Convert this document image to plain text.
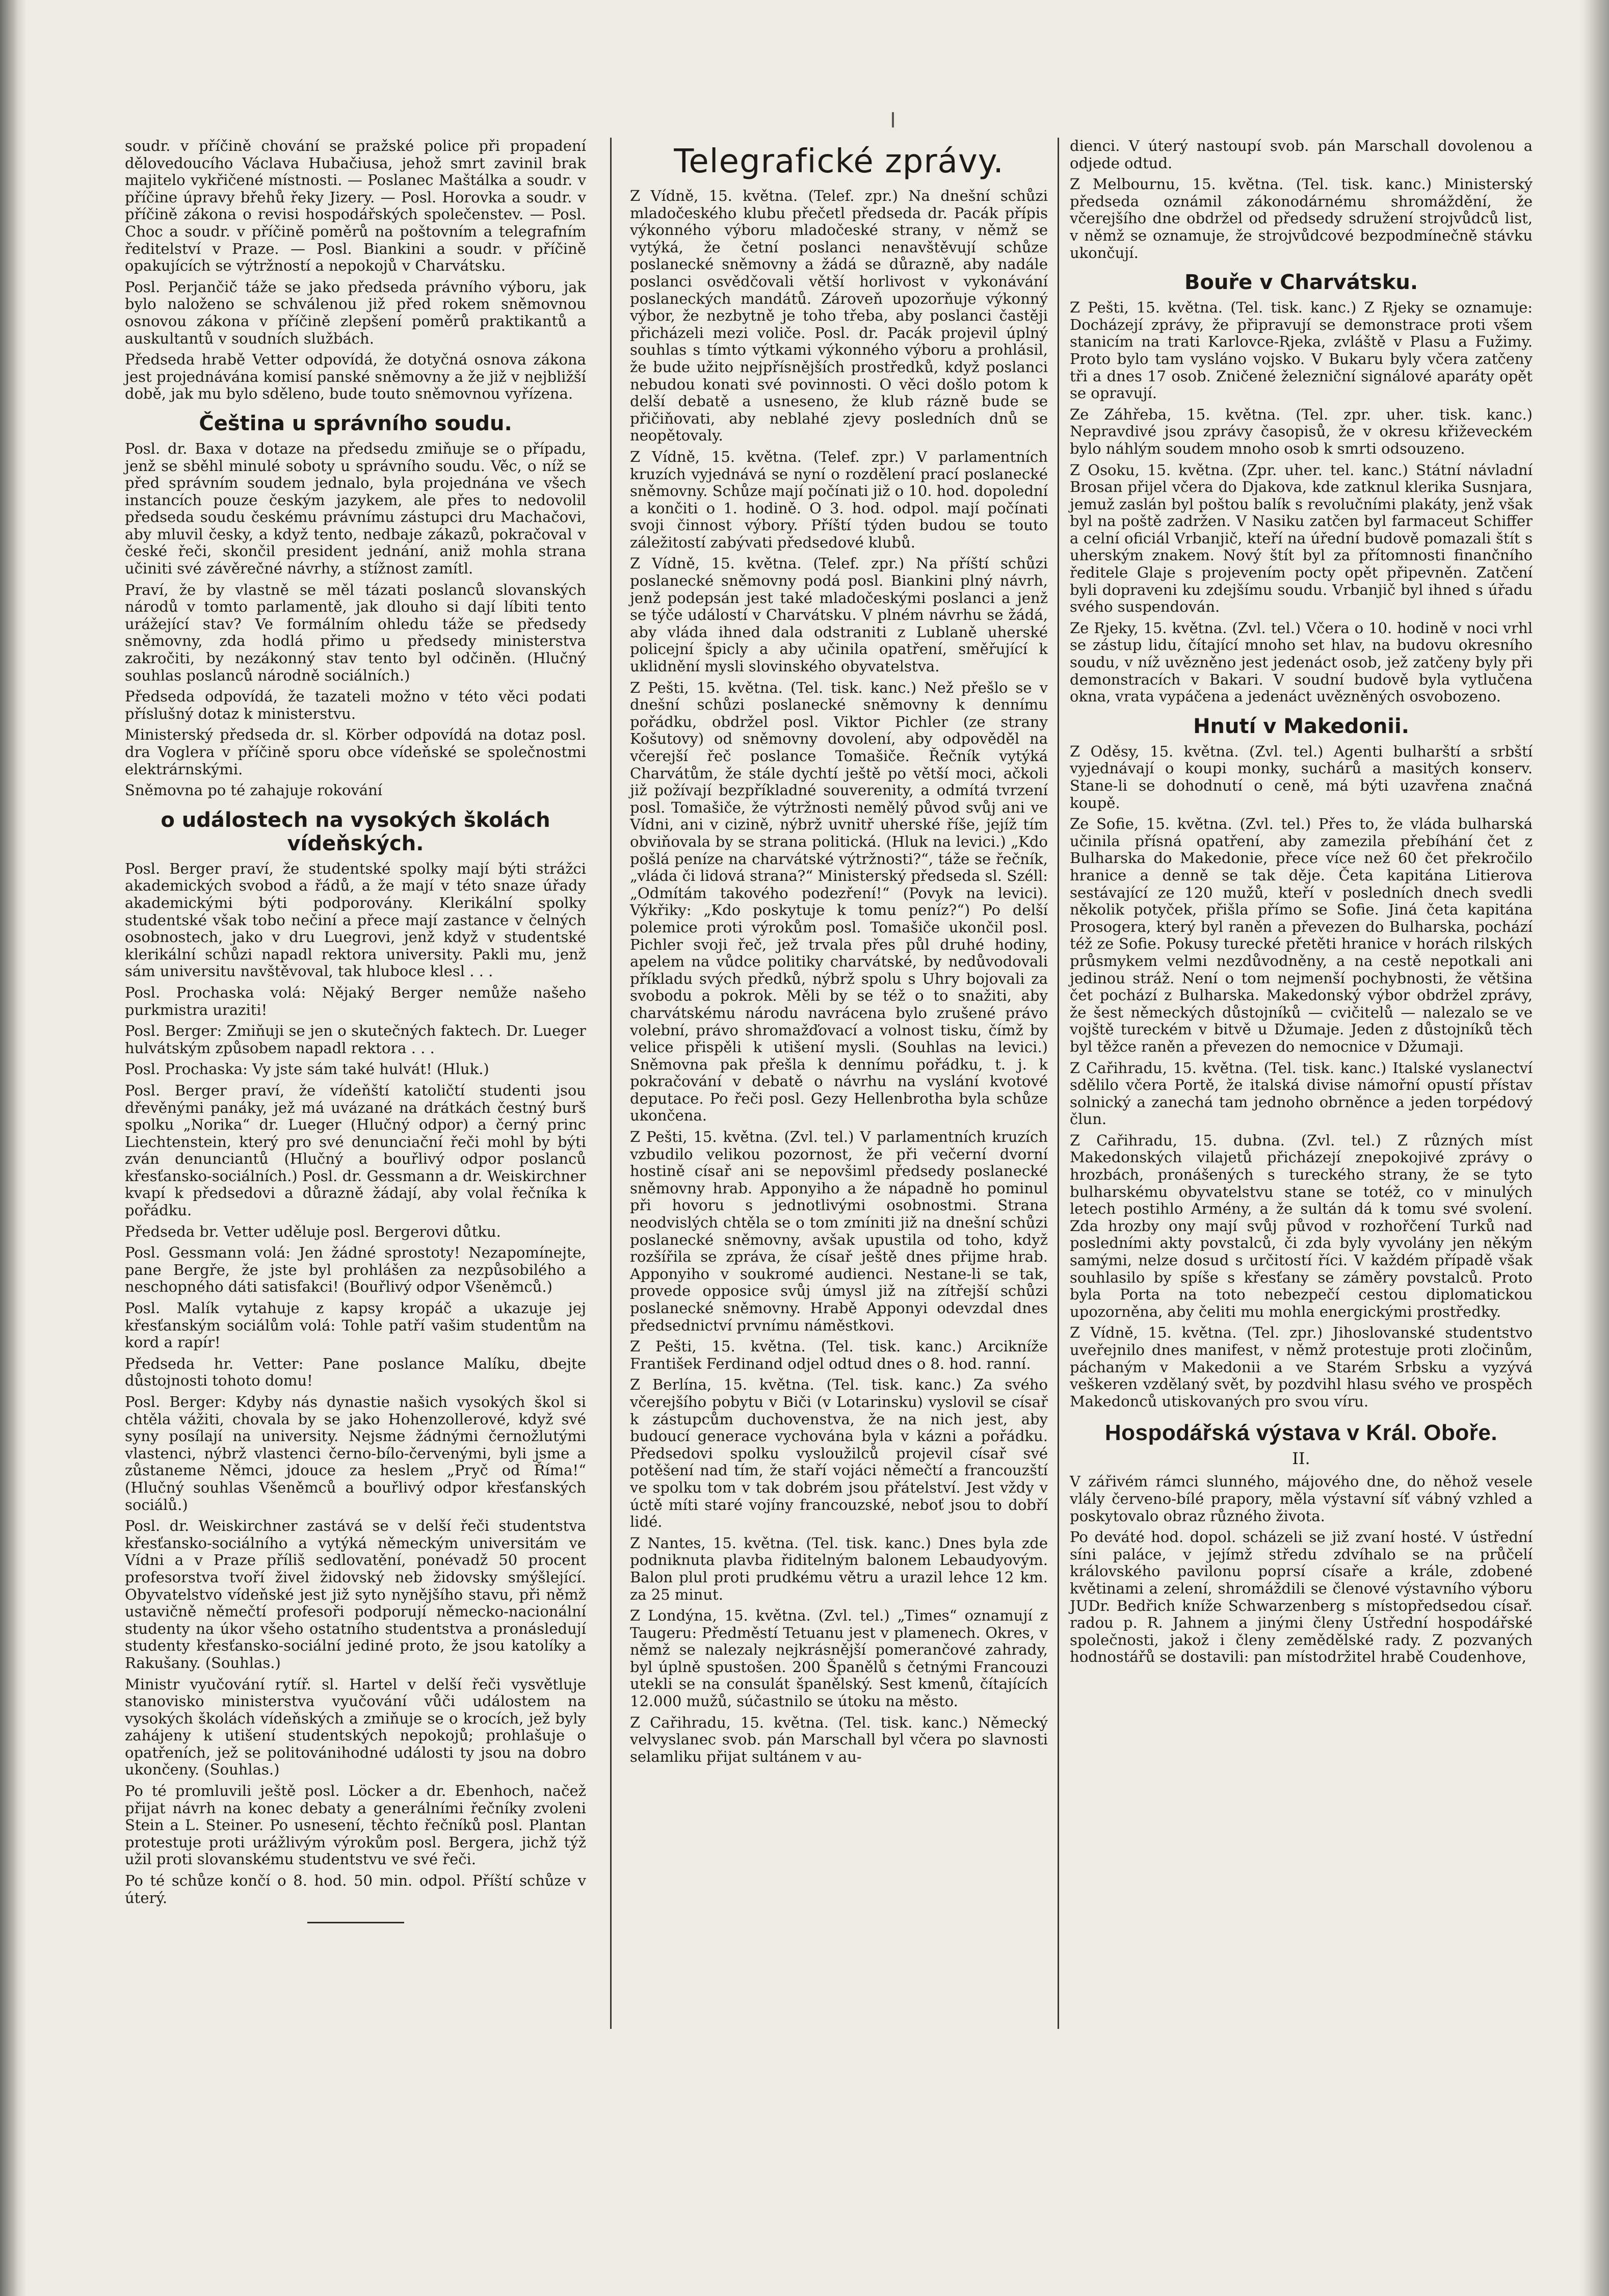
soudr. v příčině chování se pražské police při propadení dělovedoucího Václava Hubačiusa, jehož smrt zavinil brak majitelo vykřičené místnosti. — Poslanec Maštálka a soudr. v příčine úpravy břehů řeky Jizery. — Posl. Horovka a soudr. v příčině zákona o revisi hospodářských společenstev. — Posl. Choc a soudr. v příčině poměrů na poštovním a telegrafním ředitelství v Praze. — Posl. Biankini a soudr. v příčině opakujících se výtržností a nepokojů v Charvátsku.

Posl. Perjančič táže se jako předseda právního výboru, jak bylo naloženo se schválenou již před rokem sněmovnou osnovou zákona v příčině zlepšení poměrů praktikantů a auskultantů v soudních službách.

Předseda hrabě Vetter odpovídá, že dotyčná osnova zákona jest projednávána komisí panské sněmovny a že již v nejbližší době, jak mu bylo sděleno, bude touto sněmovnou vyřízena.

Čeština u správního soudu.

Posl. dr. Baxa v dotaze na předsedu zmiňuje se o případu, jenž se sběhl minulé soboty u správního soudu. Věc, o níž se před správním soudem jednalo, byla projednána ve všech instancích pouze českým jazykem, ale přes to nedovolil předseda soudu českému právnímu zástupci dru Machačovi, aby mluvil česky, a když tento, nedbaje zákazů, pokračoval v české řeči, skončil president jednání, aniž mohla strana učiniti své závěrečné návrhy, a stížnost zamítl.

Praví, že by vlastně se měl tázati poslanců slovanských národů v tomto parlamentě, jak dlouho si dají líbiti tento urážející stav? Ve formálním ohledu táže se předsedy sněmovny, zda hodlá přimo u předsedy ministerstva zakročiti, by nezákonný stav tento byl odčiněn. (Hlučný souhlas poslanců národně sociálních.)

Předseda odpovídá, že tazateli možno v této věci podati příslušný dotaz k ministerstvu.

Ministerský předseda dr. sl. Körber odpovídá na dotaz posl. dra Voglera v příčině sporu obce vídeňské se společnostmi elektrárnskými.

Sněmovna po té zahajuje rokování

o událostech na vysokých školách
vídeňských.

Posl. Berger praví, že studentské spolky mají býti strážci akademických svobod a řádů, a že mají v této snaze úřady akademickými býti podporovány. Klerikální spolky studentské však tobo nečiní a přece mají zastance v čelných osobnostech, jako v dru Luegrovi, jenž když v studentské klerikální schůzi napadl rektora university. Pakli mu, jenž sám universitu navštěvoval, tak hluboce klesl . . .

Posl. Prochaska volá: Nějaký Berger nemůže našeho purkmistra uraziti!

Posl. Berger: Zmiňuji se jen o skutečných faktech. Dr. Lueger hulvátským způsobem napadl rektora . . .

Posl. Prochaska: Vy jste sám také hulvát! (Hluk.)

Posl. Berger praví, že vídeňští katoličtí studenti jsou dřevěnými panáky, jež má uvázané na drátkách čestný burš spolku „Norika“ dr. Lueger (Hlučný odpor) a černý princ Liechtenstein, který pro své denunciační řeči mohl by býti zván denunciantů (Hlučný a bouřlivý odpor poslanců křesťansko-sociálních.) Posl. dr. Gessmann a dr. Weiskirchner kvapí k předsedovi a důrazně žádají, aby volal řečníka k pořádku.

Předseda br. Vetter uděluje posl. Bergerovi důtku.

Posl. Gessmann volá: Jen žádné sprostoty! Nezapomínejte, pane Bergře, že jste byl prohlášen za nezpůsobilého a neschopného dáti satisfakci! (Bouřlivý odpor Všeněmců.)

Posl. Malík vytahuje z kapsy kropáč a ukazuje jej křesťanským sociálům volá: Tohle patří vašim studentům na kord a rapír!

Předseda hr. Vetter: Pane poslance Malíku, dbejte důstojnosti tohoto domu!

Posl. Berger: Kdyby nás dynastie našich vysokých škol si chtěla vážiti, chovala by se jako Hohenzollerové, když své syny posílají na university. Nejsme žádnými černožlutými vlastenci, nýbrž vlastenci černo-bílo-červenými, byli jsme a zůstaneme Němci, jdouce za heslem „Pryč od Říma!“ (Hlučný souhlas Všeněmců a bouřlivý odpor křesťanských sociálů.)

Posl. dr. Weiskirchner zastává se v delší řeči studentstva křesťansko-sociálního a vytýká německým universitám ve Vídni a v Praze příliš sedlovatění, ponévadž 50 procent profesorstva tvoří živel židovský neb židovsky smýšlející. Obyvatelstvo vídeňské jest již syto nynějšího stavu, při němž ustavičně němečtí profesoři podporují německo-nacionální studenty na úkor všeho ostatního studentstva a pronásledují studenty křesťansko-sociální jediné proto, že jsou katolíky a Rakušany. (Souhlas.)

Ministr vyučování rytíř. sl. Hartel v delší řeči vysvětluje stanovisko ministerstva vyučování vůči událostem na vysokých školách vídeňských a zmiňuje se o krocích, jež byly zahájeny k utišení studentských nepokojů; prohlašuje o opatřeních, jež se politovánihodné události ty jsou na dobro ukončeny. (Souhlas.)

Po té promluvili ještě posl. Löcker a dr. Ebenhoch, načež přijat návrh na konec debaty a generálními řečníky zvoleni Stein a L. Steiner. Po usnesení, těchto řečníků posl. Plantan protestuje proti urážlivým výrokům posl. Bergera, jichž týž užil proti slovanskému studentstvu ve své řeči.

Po té schůze končí o 8. hod. 50 min. odpol. Příští schůze v úterý.

Telegrafické zprávy.

Z Vídně, 15. května. (Telef. zpr.) Na dnešní schůzi mladočeského klubu přečetl předseda dr. Pacák přípis výkonného výboru mladočeské strany, v němž se vytýká, že četní poslanci nenavštěvují schůze poslanecké sněmovny a žádá se důrazně, aby nadále poslanci osvědčovali větší horlivost v vykonávání poslaneckých mandátů. Zároveň upozorňuje výkonný výbor, že nezbytně je toho třeba, aby poslanci častěji přicházeli mezi voliče. Posl. dr. Pacák projevil úplný souhlas s tímto výtkami výkonného výboru a prohlásil, že bude užito nejpřísnějších prostředků, když poslanci nebudou konati své povinnosti. O věci došlo potom k delší debatě a usneseno, že klub rázně bude se přičiňovati, aby neblahé zjevy posledních dnů se neopětovaly.

Z Vídně, 15. května. (Telef. zpr.) V parlamentních kruzích vyjednává se nyní o rozdělení prací poslanecké sněmovny. Schůze mají počínati již o 10. hod. dopolední a končiti o 1. hodině. O 3. hod. odpol. mají počínati svoji činnost výbory. Příští týden budou se touto záležitostí zabývati předsedové klubů.

Z Vídně, 15. května. (Telef. zpr.) Na příští schůzi poslanecké sněmovny podá posl. Biankini plný návrh, jenž podepsán jest také mladočeskými poslanci a jenž se týče událostí v Charvátsku. V plném návrhu se žádá, aby vláda ihned dala odstraniti z Lublaně uherské policejní špicly a aby učinila opatření, směřující k uklidnění mysli slovinského obyvatelstva.

Z Pešti, 15. května. (Tel. tisk. kanc.) Než přešlo se v dnešní schůzi poslanecké sněmovny k dennímu pořádku, obdržel posl. Viktor Pichler (ze strany Košutovy) od sněmovny dovolení, aby odpověděl na včerejší řeč poslance Tomašiče. Řečník vytýká Charvátům, že stále dychtí ještě po větší moci, ačkoli již požívají bezpříkladné souverenity, a odmítá tvrzení posl. Tomašiče, že výtržnosti nemělý původ svůj ani ve Vídni, ani v cizině, nýbrž uvnitř uherské říše, jejíž tím obviňovala by se strana politická. (Hluk na levici.) „Kdo pošlá peníze na charvátské výtržnosti?“, táže se řečník, „vláda či lidová strana?“ Ministerský předseda sl. Széll: „Odmítám takového podezření!“ (Povyk na levici). Výkřiky: „Kdo poskytuje k tomu peníz?“) Po delší polemice proti výrokům posl. Tomašiče ukončil posl. Pichler svoji řeč, jež trvala přes půl druhé hodiny, apelem na vůdce politiky charvátské, by nedůvodovali příkladu svých předků, nýbrž spolu s Uhry bojovali za svobodu a pokrok. Měli by se též o to snažiti, aby charvátskému národu navrácena bylo zrušené právo volební, právo shromažďovací a volnost tisku, čímž by velice přispěli k utišení mysli. (Souhlas na levici.) Sněmovna pak přešla k dennímu pořádku, t. j. k pokračování v debatě o návrhu na vyslání kvotové deputace. Po řeči posl. Gezy Hellenbrotha byla schůze ukončena.

Z Pešti, 15. května. (Zvl. tel.) V parlamentních kruzích vzbudilo velikou pozornost, že při večerní dvorní hostině císař ani se nepovšiml předsedy poslanecké sněmovny hrab. Apponyiho a že nápadně ho pominul při hovoru s jednotlivými osobnostmi. Strana neodvislých chtěla se o tom zmíniti již na dnešní schůzi poslanecké sněmovny, avšak upustila od toho, když rozšířila se zpráva, že císař ještě dnes přijme hrab. Apponyiho v soukromé audienci. Nestane-li se tak, provede opposice svůj úmysl již na zítřejší schůzi poslanecké sněmovny. Hrabě Apponyi odevzdal dnes předsednictví prvnímu náměstkovi.

Z Pešti, 15. května. (Tel. tisk. kanc.) Arcikníže František Ferdinand odjel odtud dnes o 8. hod. ranní.

Z Berlína, 15. května. (Tel. tisk. kanc.) Za svého včerejšího pobytu v Biči (v Lotarinsku) vyslovil se císař k zástupcům duchovenstva, že na nich jest, aby budoucí generace vychována byla v kázni a pořádku. Předsedovi spolku vysloužilců projevil císař své potěšení nad tím, že staří vojáci němečtí a francouzští ve spolku tom v tak dobrém jsou přátelství. Jest vždy v úctě míti staré vojíny francouzské, neboť jsou to dobří lidé.

Z Nantes, 15. května. (Tel. tisk. kanc.) Dnes byla zde podniknuta plavba řiditelným balonem Lebaudyovým. Balon plul proti prudkému větru a urazil lehce 12 km. za 25 minut.

Z Londýna, 15. května. (Zvl. tel.) „Times“ oznamují z Taugeru: Předměstí Tetuanu jest v plamenech. Okres, v němž se nalezaly nejkrásnější pomerančové zahrady, byl úplně spustošen. 200 Španělů s četnými Francouzi utekli se na consulát španělský. Sest kmenů, čítajících 12.000 mužů, súčastnilo se útoku na město.

Z Cařihradu, 15. května. (Tel. tisk. kanc.) Německý velvyslanec svob. pán Marschall byl včera po slavnosti selamliku přijat sultánem v au-

dienci. V úterý nastoupí svob. pán Marschall dovolenou a odjede odtud.

Z Melbournu, 15. května. (Tel. tisk. kanc.) Ministerský předseda oznámil zákonodárnému shromáždění, že včerejšího dne obdržel od předsedy sdružení strojvůdců list, v němž se oznamuje, že strojvůdcové bezpodmínečně stávku ukončují.

Bouře v Charvátsku.

Z Pešti, 15. května. (Tel. tisk. kanc.) Z Rjeky se oznamuje: Docházejí zprávy, že připravují se demonstrace proti všem stanicím na trati Karlovce-Rjeka, zvláště v Plasu a Fužimy. Proto bylo tam vysláno vojsko. V Bukaru byly včera zatčeny tři a dnes 17 osob. Zničené železniční signálové aparáty opět se opravují.

Ze Záhřeba, 15. května. (Tel. zpr. uher. tisk. kanc.) Nepravdivé jsou zprávy časopisů, že v okresu křiževeckém bylo náhlým soudem mnoho osob k smrti odsouzeno.

Z Osoku, 15. května. (Zpr. uher. tel. kanc.) Státní návladní Brosan přijel včera do Djakova, kde zatknul klerika Susnjara, jemuž zaslán byl poštou balík s revolučními plakáty, jenž však byl na poště zadržen. V Nasiku zatčen byl farmaceut Schiffer a celní oficiál Vrbanjič, kteří na úřední budově pomazali štít s uherským znakem. Nový štít byl za přítomnosti finančního ředitele Glaje s projevením pocty opět připevněn. Zatčení byli dopraveni ku zdejšímu soudu. Vrbanjič byl ihned s úřadu svého suspendován.

Ze Rjeky, 15. května. (Zvl. tel.) Včera o 10. hodině v noci vrhl se zástup lidu, čítající mnoho set hlav, na budovu okresního soudu, v níž uvězněno jest jedenáct osob, jež zatčeny byly při demonstracích v Bakari. V soudní budově byla vytlučena okna, vrata vypáčena a jedenáct uvězněných osvobozeno.

Hnutí v Makedonii.

Z Oděsy, 15. května. (Zvl. tel.) Agenti bulharští a srbští vyjednávají o koupi monky, suchárů a masitých konserv. Stane-li se dohodnutí o ceně, má býti uzavřena značná koupě.

Ze Sofie, 15. května. (Zvl. tel.) Přes to, že vláda bulharská učinila přísná opatření, aby zamezila přebíhání čet z Bulharska do Makedonie, přece více než 60 čet překročilo hranice a denně se tak děje. Četa kapitána Litierova sestávající ze 120 mužů, kteří v posledních dnech svedli několik potyček, přišla přímo se Sofie. Jiná četa kapitána Prosogera, který byl raněn a převezen do Bulharska, pochází též ze Sofie. Pokusy turecké přetěti hranice v horách rilských průsmykem velmi nezdůvodněny, a na cestě nepotkali ani jedinou stráž. Není o tom nejmenší pochybnosti, že většina čet pochází z Bulharska. Makedonský výbor obdržel zprávy, že šest německých důstojníků — cvičitelů — nalezalo se ve vojště tureckém v bitvě u Džumaje. Jeden z důstojníků těch byl těžce raněn a převezen do nemocnice v Džumaji.

Z Cařihradu, 15. května. (Tel. tisk. kanc.) Italské vyslanectví sdělilo včera Portě, že italská divise námořní opustí přístav solnický a zanechá tam jednoho obrněnce a jeden torpédový člun.

Z Cařihradu, 15. dubna. (Zvl. tel.) Z různých míst Makedonských vilajetů přicházejí znepokojivé zprávy o hrozbách, pronášených s tureckého strany, že se tyto bulharskému obyvatelstvu stane se totéž, co v minulých letech postihlo Armény, a že sultán dá k tomu své svolení. Zda hrozby ony mají svůj původ v rozhořčení Turků nad posledními akty povstalců, či zda byly vyvolány jen někým samými, nelze dosud s určitostí říci. V každém případě však souhlasilo by spíše s křesťany se záměry povstalců. Proto byla Porta na toto nebezpečí cestou diplomatickou upozorněna, aby čeliti mu mohla energickými prostředky.

Z Vídně, 15. května. (Tel. zpr.) Jihoslovanské studentstvo uveřejnilo dnes manifest, v němž protestuje proti zločinům, páchaným v Makedonii a ve Starém Srbsku a vyzývá veškeren vzdělaný svět, by pozdvihl hlasu svého ve prospěch Makedonců utiskovaných pro svou víru.

Hospodářská výstava v Král. Oboře.
II.

V zářivém rámci slunného, májového dne, do něhož vesele vlály červeno-bílé prapory, měla výstavní síť vábný vzhled a poskytovalo obraz různého života.

Po deváté hod. dopol. scházeli se již zvaní hosté. V ústřední síni paláce, v jejímž středu zdvíhalo se na průčelí královského pavilonu poprsí císaře a krále, zdobené květinami a zelení, shromáždili se členové výstavního výboru JUDr. Bedřich kníže Schwarzenberg s místopředsedou císař. radou p. R. Jahnem a jinými členy Ústřední hospodářské společnosti, jakož i členy zemědělské rady. Z pozvaných hodnostářů se dostavili: pan místodržitel hrabě Coudenhove,
